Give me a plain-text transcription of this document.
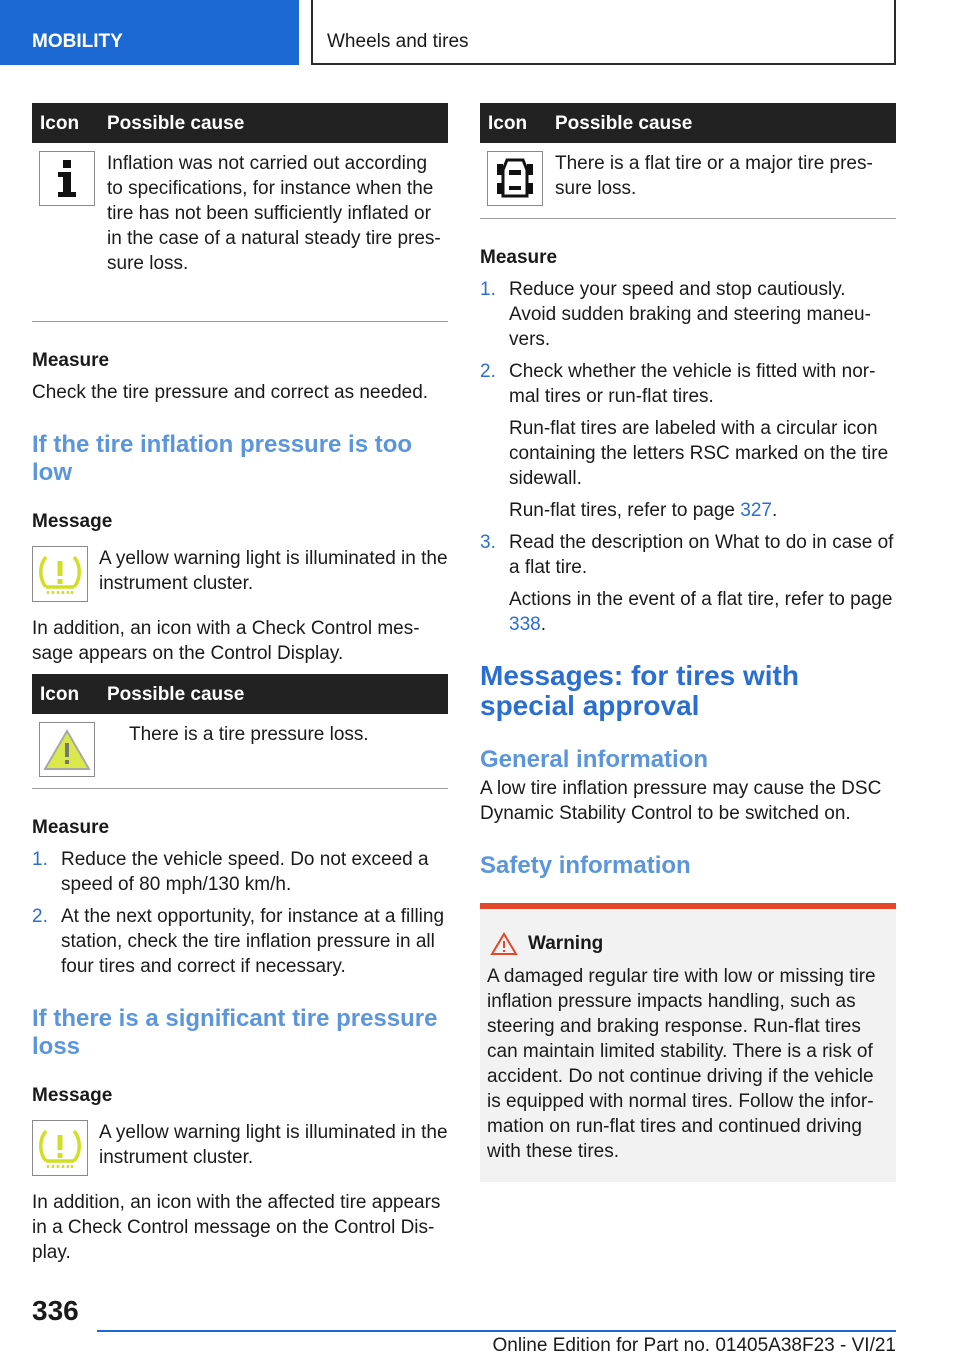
MOBILITY	Wheels and tires
Icon	Possible cause
Inflation was not carried out according to specifications, for instance when the tire has not been sufficiently inflated or in the case of a natural steady tire pressure loss.
Measure
Check the tire pressure and correct as needed.
If the tire inflation pressure is too low
Message
A yellow warning light is illuminated in the instrument cluster.
In addition, an icon with a Check Control message appears on the Control Display.
Icon	Possible cause
There is a tire pressure loss.
Measure
1. Reduce the vehicle speed. Do not exceed a speed of 80 mph/130 km/h.
2. At the next opportunity, for instance at a filling station, check the tire inflation pressure in all four tires and correct if necessary.
If there is a significant tire pressure loss
Message
A yellow warning light is illuminated in the instrument cluster.
In addition, an icon with the affected tire appears in a Check Control message on the Control Display.
Icon	Possible cause
There is a flat tire or a major tire pressure loss.
Measure
1. Reduce your speed and stop cautiously. Avoid sudden braking and steering maneuvers.
2. Check whether the vehicle is fitted with normal tires or run-flat tires.
Run-flat tires are labeled with a circular icon containing the letters RSC marked on the tire sidewall.
Run-flat tires, refer to page 327.
3. Read the description on What to do in case of a flat tire.
Actions in the event of a flat tire, refer to page 338.
Messages: for tires with special approval
General information
A low tire inflation pressure may cause the DSC Dynamic Stability Control to be switched on.
Safety information
Warning
A damaged regular tire with low or missing tire inflation pressure impacts handling, such as steering and braking response. Run-flat tires can maintain limited stability. There is a risk of accident. Do not continue driving if the vehicle is equipped with normal tires. Follow the information on run-flat tires and continued driving with these tires.
336
Online Edition for Part no. 01405A38F23 - VI/21
